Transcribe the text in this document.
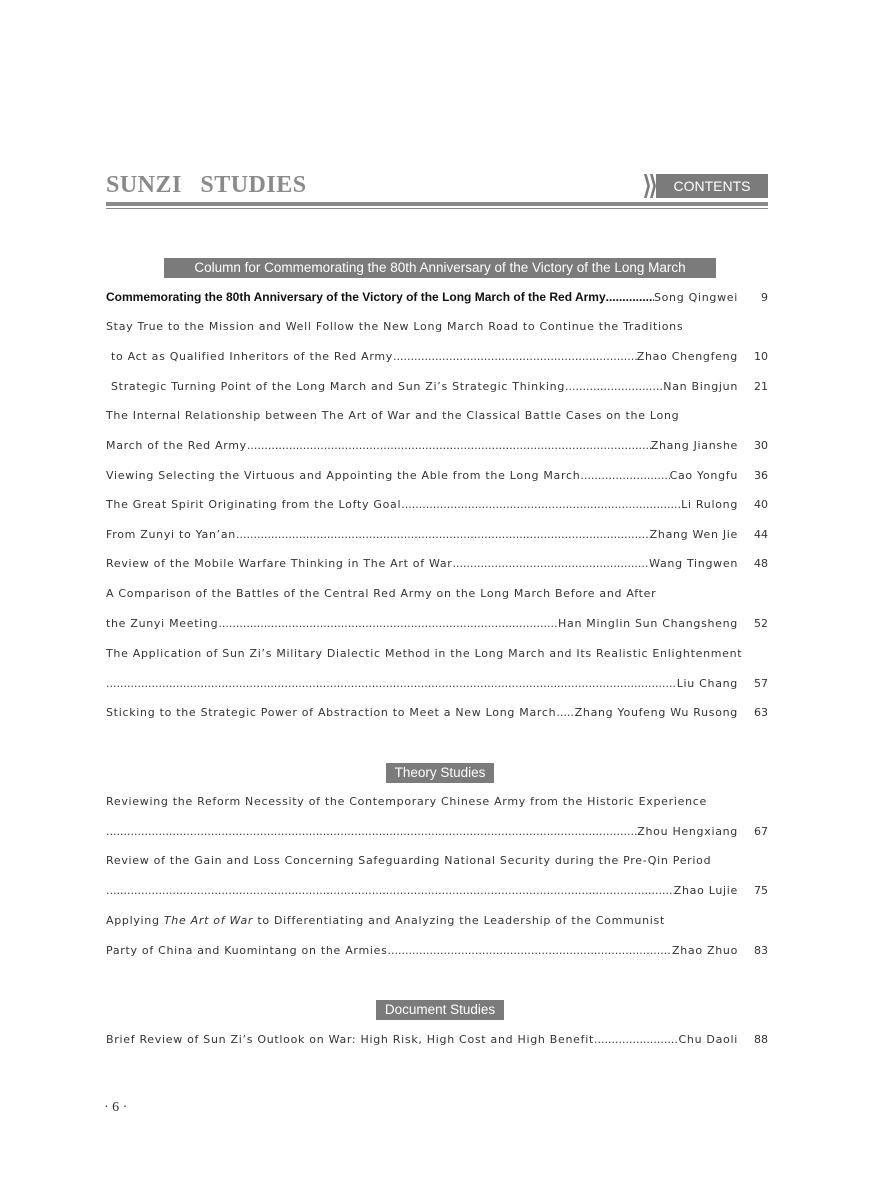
SUNZI STUDIES	CONTENTS
Column for Commemorating the 80th Anniversary of the Victory of the Long March
Commemorating the 80th Anniversary of the Victory of the Long March of the Red Army .....	Song Qingwei	9
Stay True to the Mission and Well Follow the New Long March Road to Continue the Traditions
to Act as Qualified Inheritors of the Red Army .....	Zhao Chengfeng	10
Strategic Turning Point of the Long March and Sun Zi’s Strategic Thinking .....	Nan Bingjun	21
The Internal Relationship between The Art of War and the Classical Battle Cases on the Long
March of the Red Army .....	Zhang Jianshe	30
Viewing Selecting the Virtuous and Appointing the Able from the Long March .....	Cao Yongfu	36
The Great Spirit Originating from the Lofty Goal .....	Li Rulong	40
From Zunyi to Yan’an .....	Zhang Wen Jie	44
Review of the Mobile Warfare Thinking in The Art of War .....	Wang Tingwen	48
A Comparison of the Battles of the Central Red Army on the Long March Before and After
the Zunyi Meeting .....	Han Minglin Sun Changsheng	52
The Application of Sun Zi’s Military Dialectic Method in the Long March and Its Realistic Enlightenment
.....
Liu Chang	57
Sticking to the Strategic Power of Abstraction to Meet a New Long March ..... Zhang Youfeng Wu Rusong	63
Theory Studies
Reviewing the Reform Necessity of the Contemporary Chinese Army from the Historic Experience
.....
Zhou Hengxiang	67
Review of the Gain and Loss Concerning Safeguarding National Security during the Pre-Qin Period
.....
Zhao Lujie	75
Applying The Art of War to Differentiating and Analyzing the Leadership of the Communist
Party of China and Kuomintang on the Armies .....	Zhao Zhuo	83
Document Studies
Brief Review of Sun Zi’s Outlook on War: High Risk, High Cost and High Benefit .....	Chu Daoli	88
· 6 ·
